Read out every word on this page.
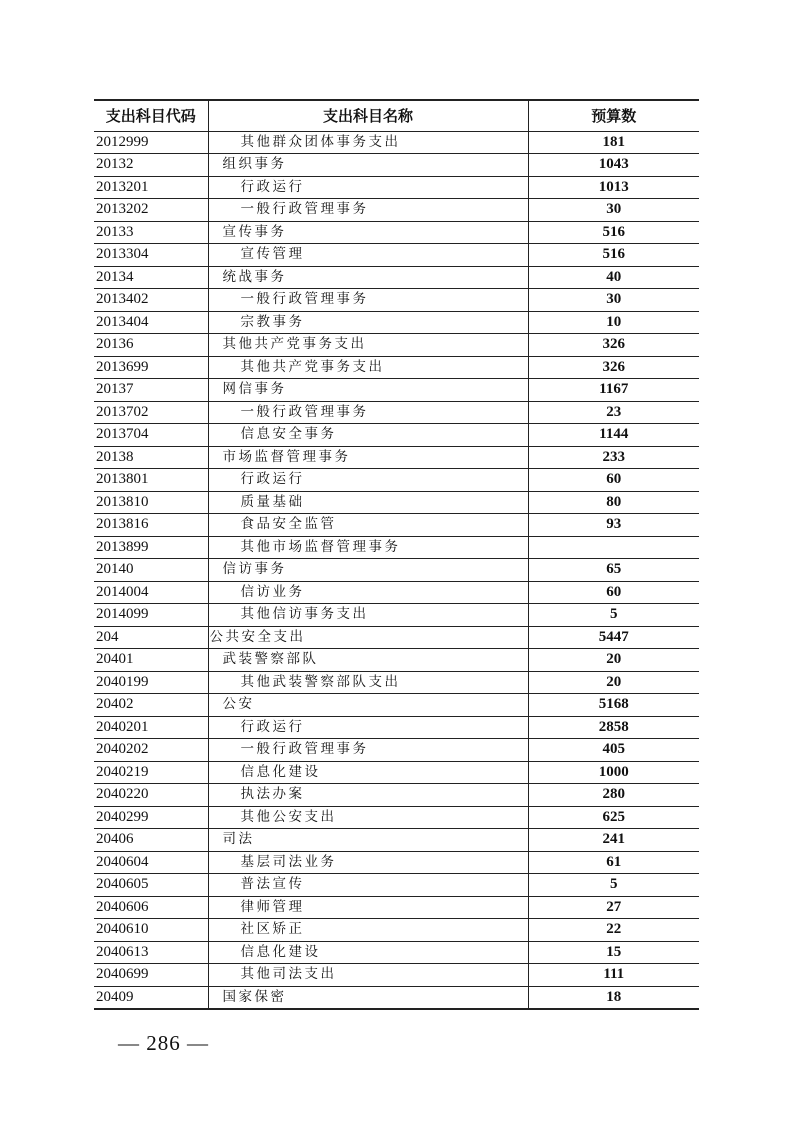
支出科目代码	支出科目名称	预算数
2012999	其他群众团体事务支出	181
20132	组织事务	1043
2013201	行政运行	1013
2013202	一般行政管理事务	30
20133	宣传事务	516
2013304	宣传管理	516
20134	统战事务	40
2013402	一般行政管理事务	30
2013404	宗教事务	10
20136	其他共产党事务支出	326
2013699	其他共产党事务支出	326
20137	网信事务	1167
2013702	一般行政管理事务	23
2013704	信息安全事务	1144
20138	市场监督管理事务	233
2013801	行政运行	60
2013810	质量基础	80
2013816	食品安全监管	93
2013899	其他市场监督管理事务	
20140	信访事务	65
2014004	信访业务	60
2014099	其他信访事务支出	5
204	公共安全支出	5447
20401	武装警察部队	20
2040199	其他武装警察部队支出	20
20402	公安	5168
2040201	行政运行	2858
2040202	一般行政管理事务	405
2040219	信息化建设	1000
2040220	执法办案	280
2040299	其他公安支出	625
20406	司法	241
2040604	基层司法业务	61
2040605	普法宣传	5
2040606	律师管理	27
2040610	社区矫正	22
2040613	信息化建设	15
2040699	其他司法支出	111
20409	国家保密	18
— 286 —
